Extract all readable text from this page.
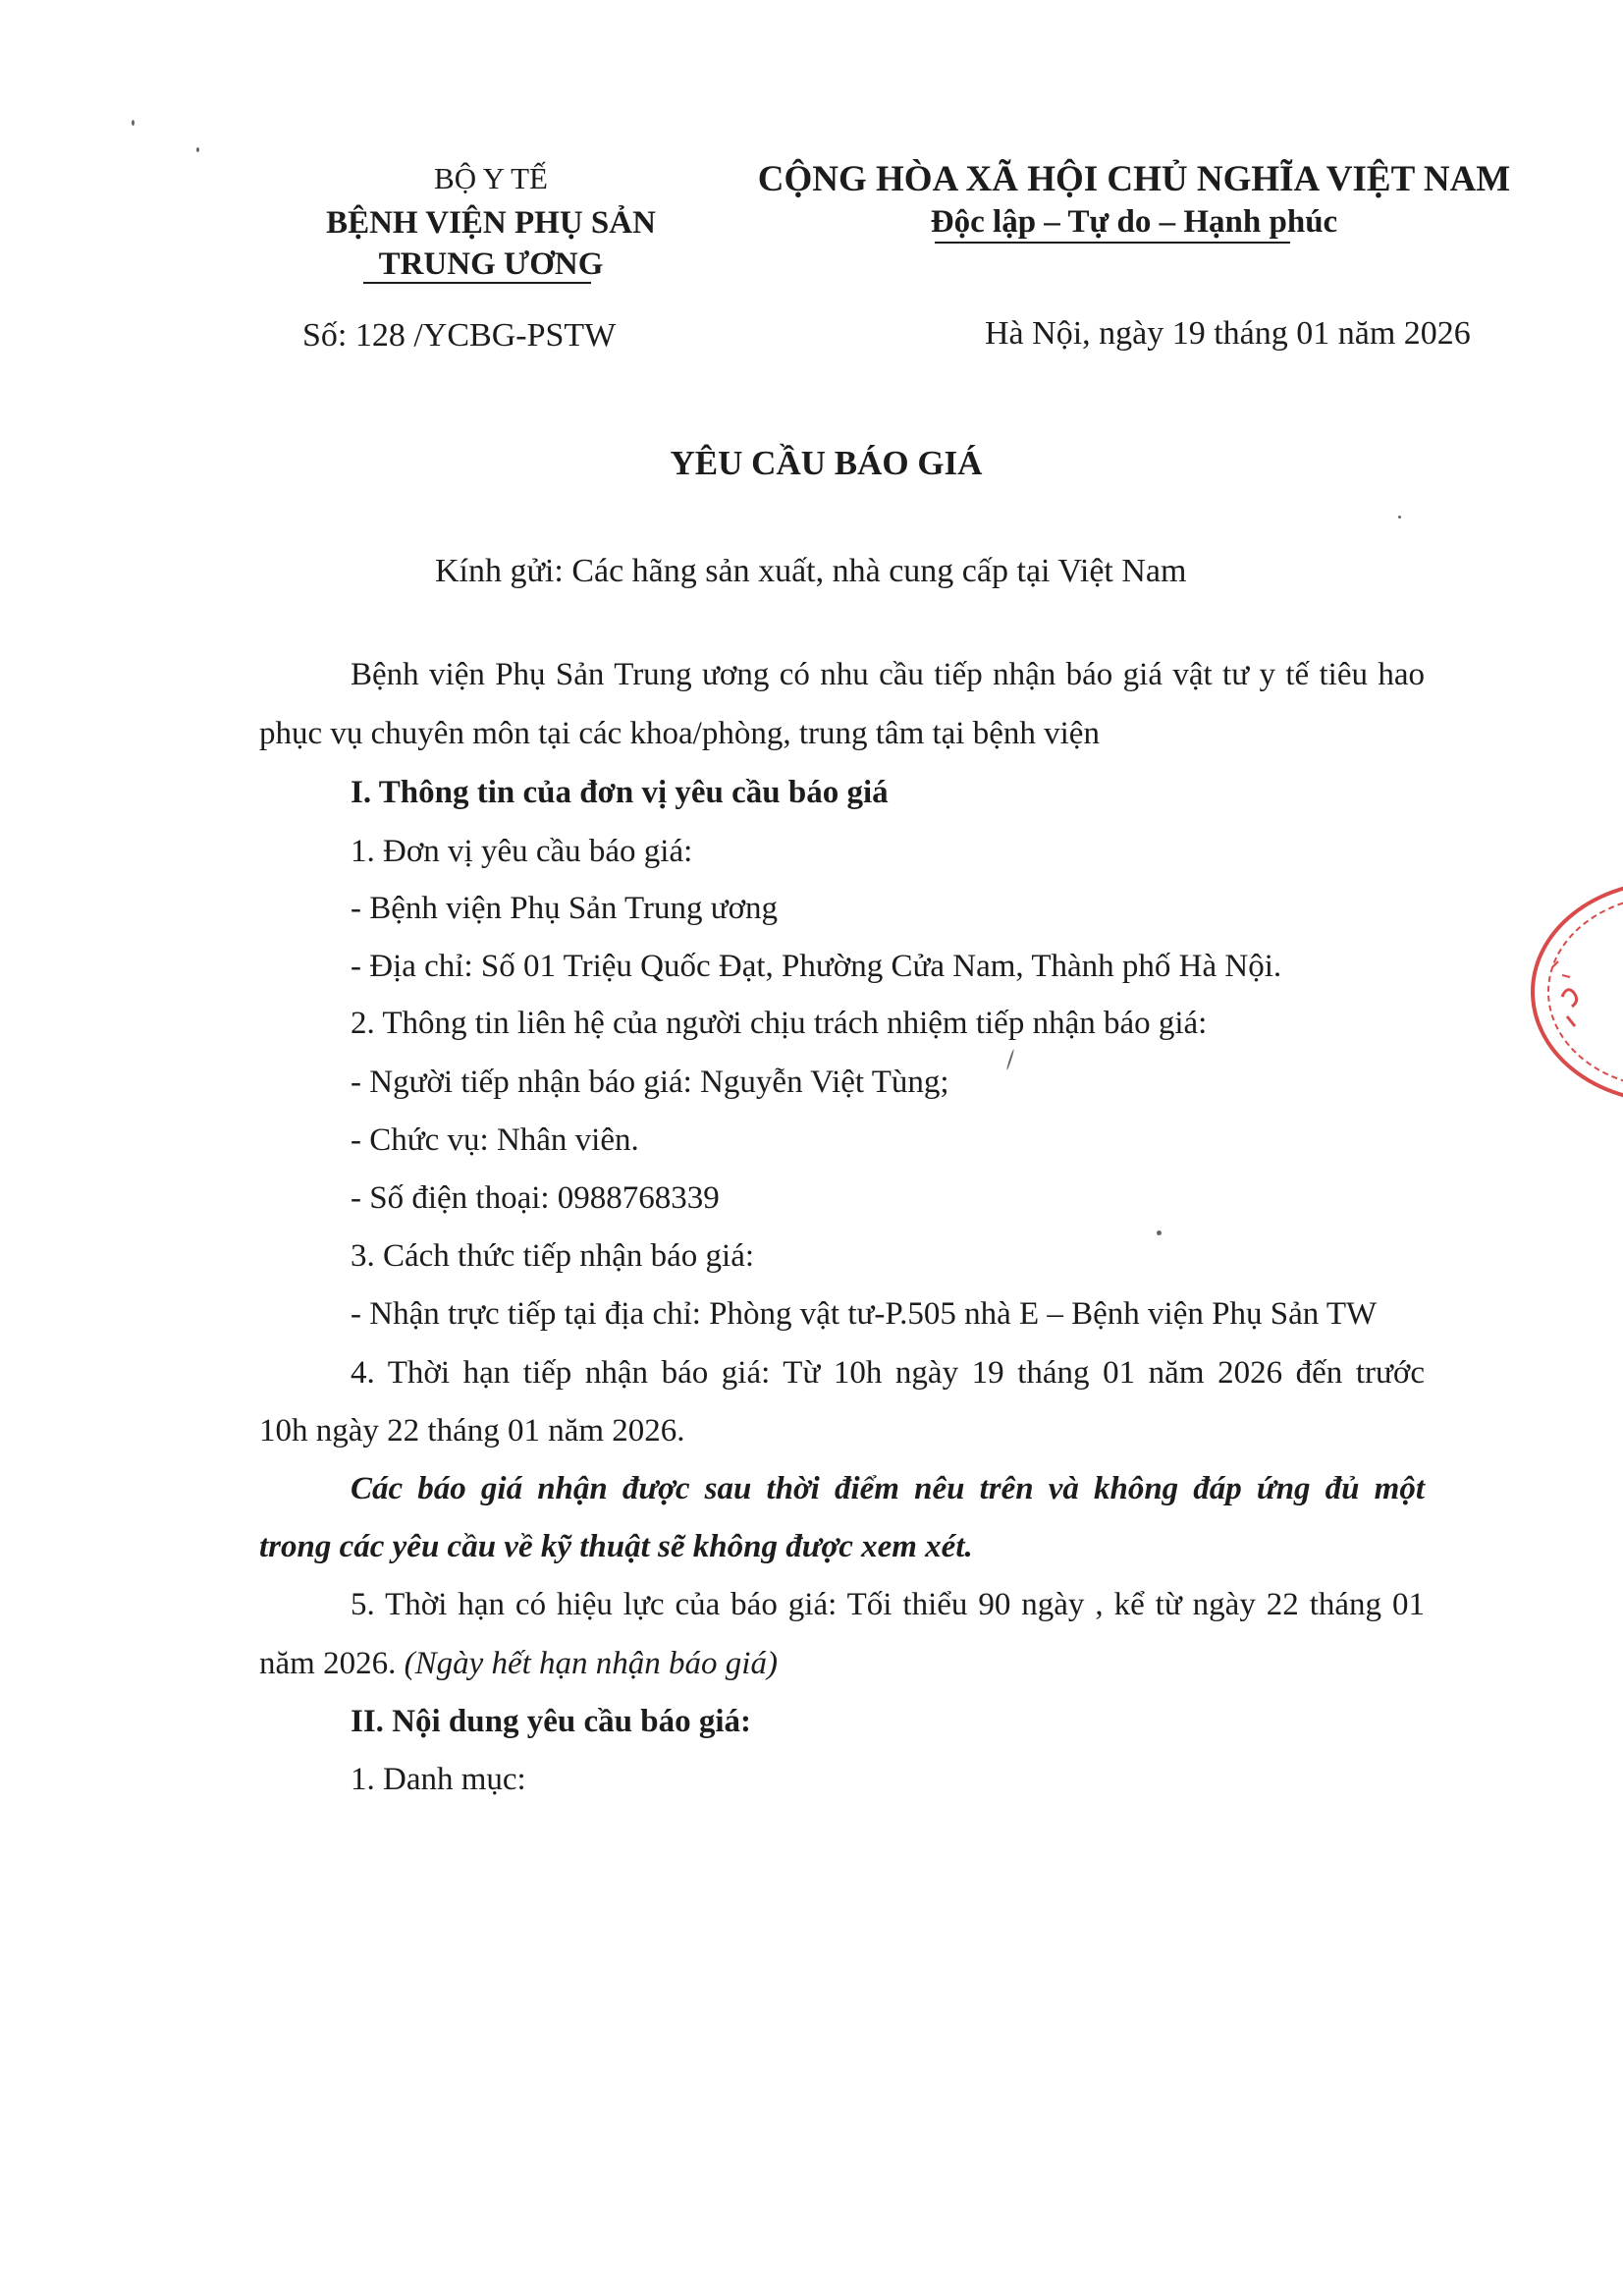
BỘ Y TẾ
BỆNH VIỆN PHỤ SẢN
TRUNG ƯƠNG
CỘNG HÒA XÃ HỘI CHỦ NGHĨA VIỆT NAM
Độc lập – Tự do – Hạnh phúc
Số: 128 /YCBG-PSTW	Hà Nội, ngày 19 tháng 01 năm 2026
YÊU CẦU BÁO GIÁ
Kính gửi: Các hãng sản xuất, nhà cung cấp tại Việt Nam
Bệnh viện Phụ Sản Trung ương có nhu cầu tiếp nhận báo giá vật tư y tế tiêu hao
phục vụ chuyên môn tại các khoa/phòng, trung tâm tại bệnh viện
I. Thông tin của đơn vị yêu cầu báo giá
1. Đơn vị yêu cầu báo giá:
- Bệnh viện Phụ Sản Trung ương
- Địa chỉ: Số 01 Triệu Quốc Đạt, Phường Cửa Nam, Thành phố Hà Nội.
2. Thông tin liên hệ của người chịu trách nhiệm tiếp nhận báo giá:
- Người tiếp nhận báo giá: Nguyễn Việt Tùng;
- Chức vụ: Nhân viên.
- Số điện thoại: 0988768339
3. Cách thức tiếp nhận báo giá:
- Nhận trực tiếp tại địa chỉ: Phòng vật tư-P.505 nhà E – Bệnh viện Phụ Sản TW
4. Thời hạn tiếp nhận báo giá: Từ 10h ngày 19 tháng 01 năm 2026 đến trước
10h ngày 22 tháng 01 năm 2026.
Các báo giá nhận được sau thời điểm nêu trên và không đáp ứng đủ một
trong các yêu cầu về kỹ thuật sẽ không được xem xét.
5. Thời hạn có hiệu lực của báo giá: Tối thiểu 90 ngày , kể từ ngày 22 tháng 01
năm 2026. (Ngày hết hạn nhận báo giá)
II. Nội dung yêu cầu báo giá:
1. Danh mục:
